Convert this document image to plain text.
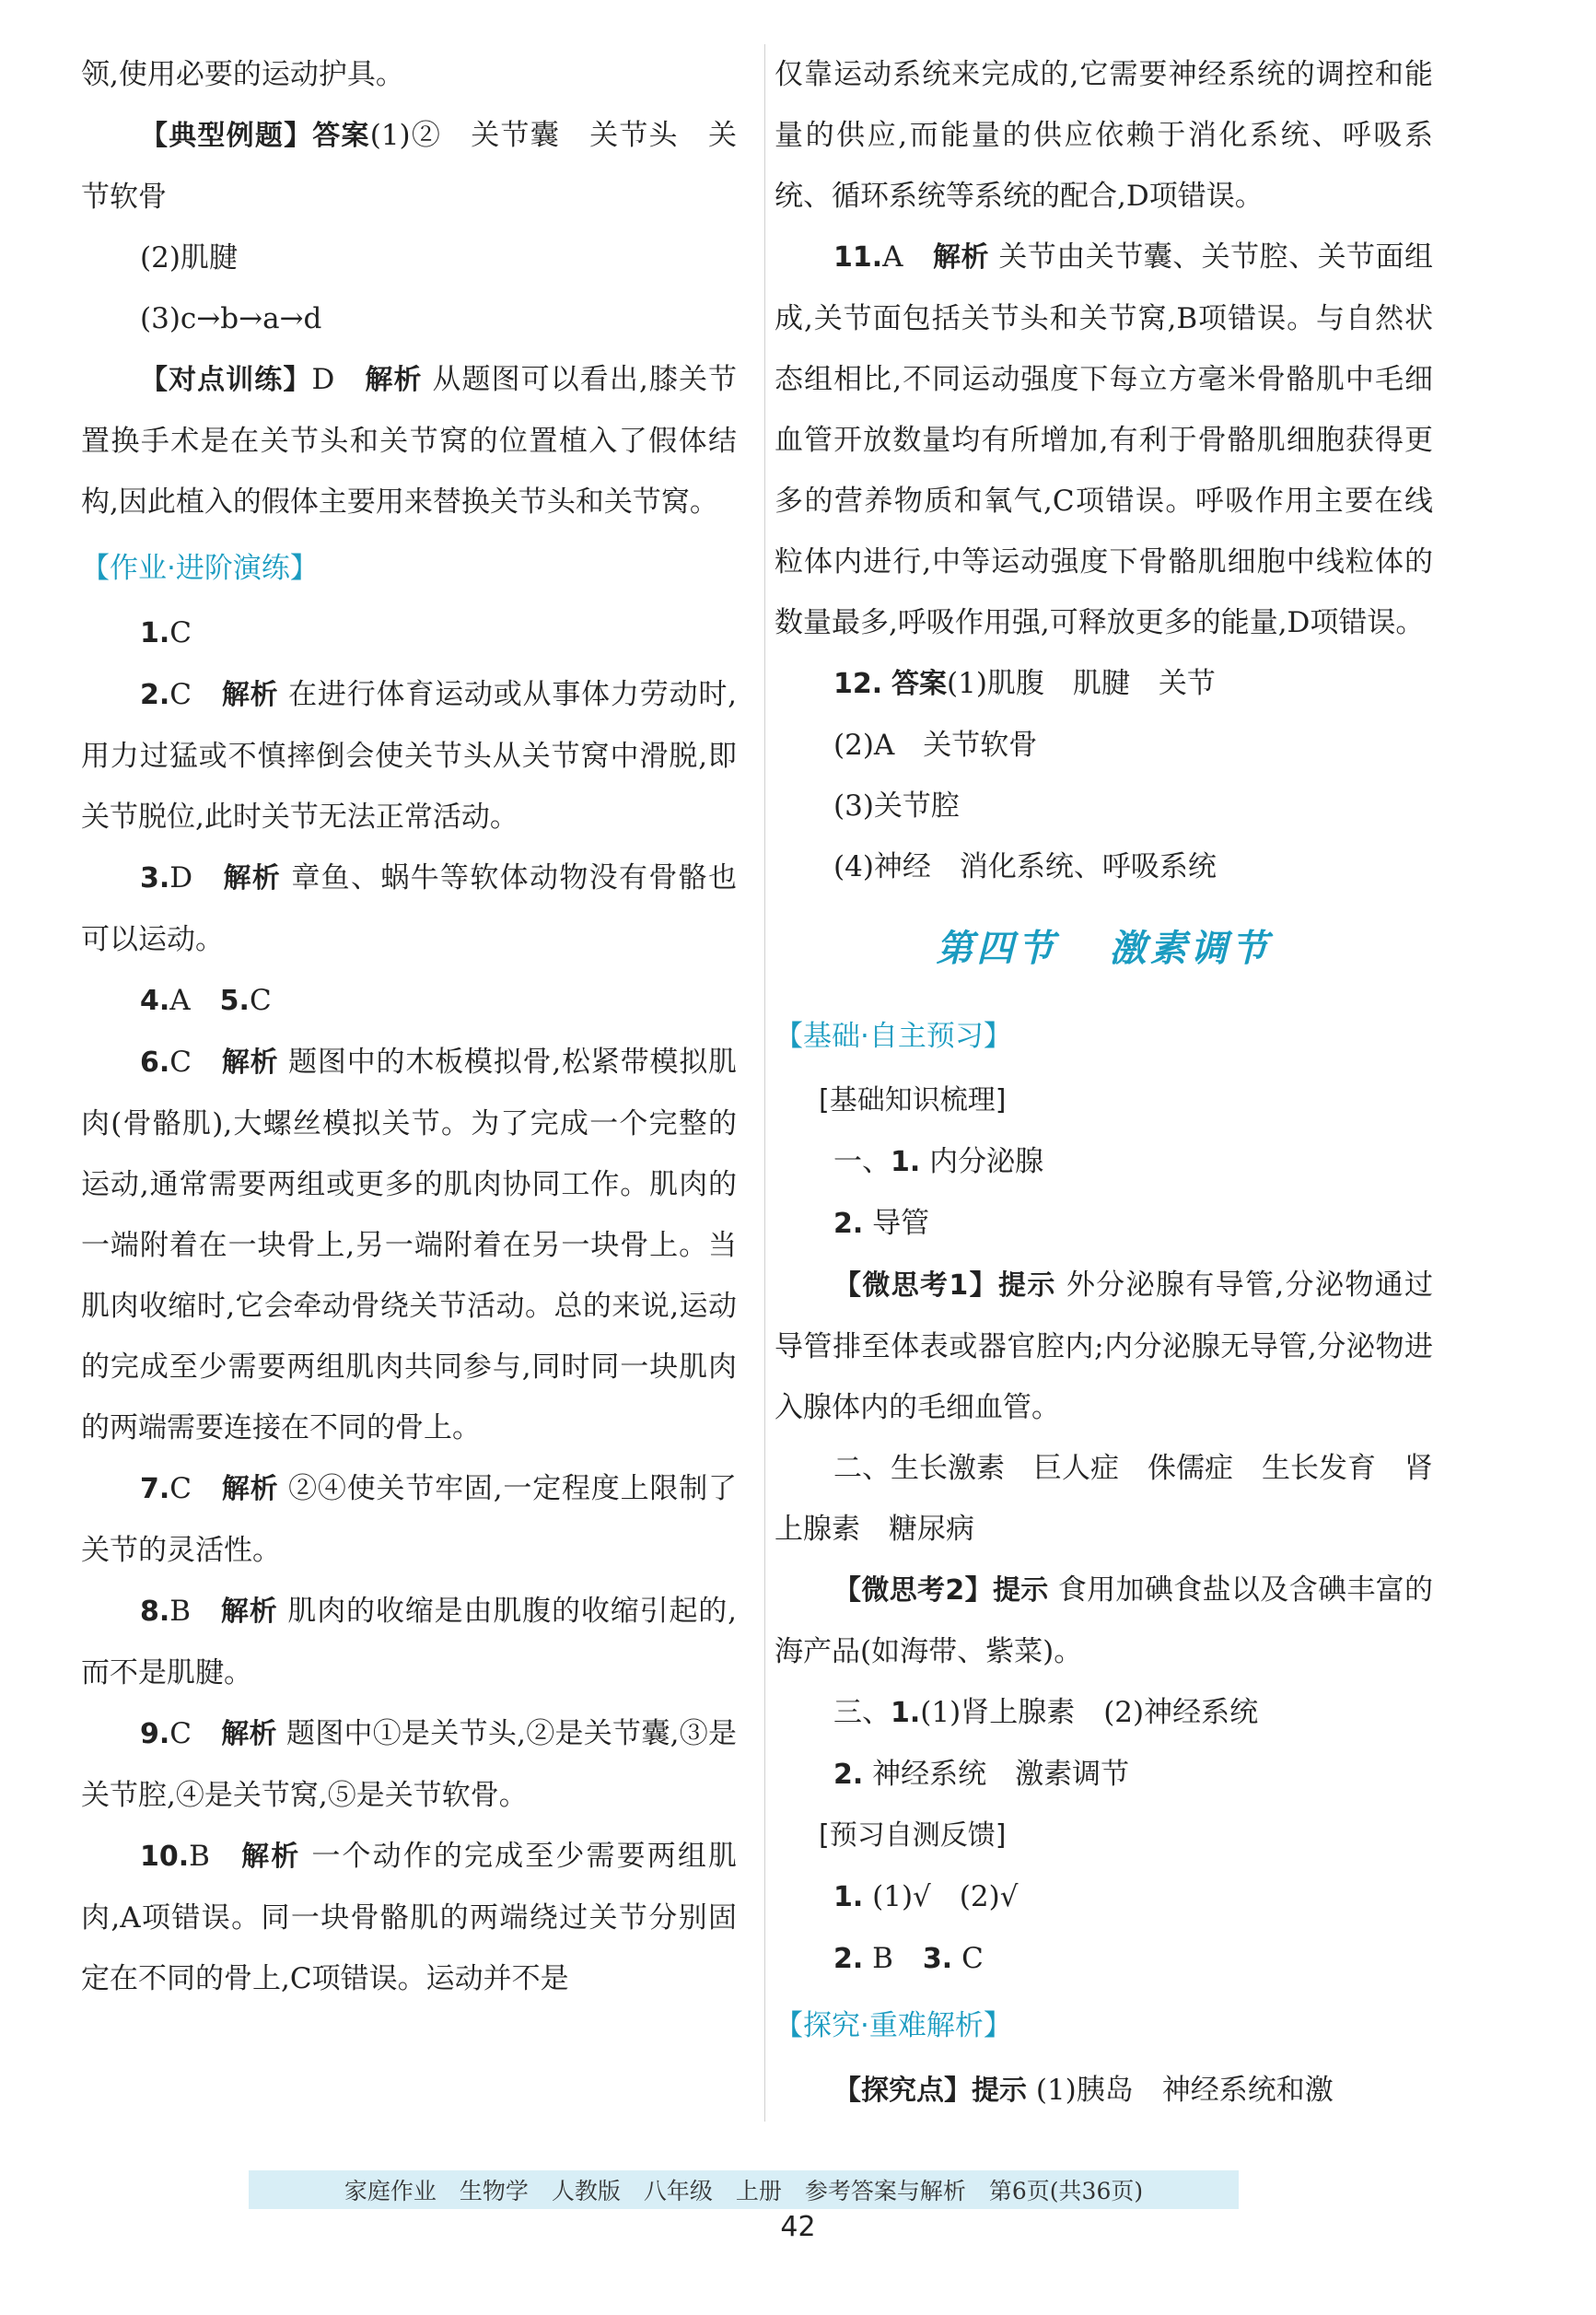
领,使用必要的运动护具。

【典型例题】答案(1)②　关节囊　关节头　关节软骨

(2)肌腱

(3)c→b→a→d

【对点训练】D 解析 从题图可以看出,膝关节置换手术是在关节头和关节窝的位置植入了假体结构,因此植入的假体主要用来替换关节头和关节窝。

【作业·进阶演练】

1.C

2.C 解析 在进行体育运动或从事体力劳动时,用力过猛或不慎摔倒会使关节头从关节窝中滑脱,即关节脱位,此时关节无法正常活动。

3.D 解析 章鱼、蜗牛等软体动物没有骨骼也可以运动。

4.A 5.C

6.C 解析 题图中的木板模拟骨,松紧带模拟肌肉(骨骼肌),大螺丝模拟关节。为了完成一个完整的运动,通常需要两组或更多的肌肉协同工作。肌肉的一端附着在一块骨上,另一端附着在另一块骨上。当肌肉收缩时,它会牵动骨绕关节活动。总的来说,运动的完成至少需要两组肌肉共同参与,同时同一块肌肉的两端需要连接在不同的骨上。

7.C 解析 ②④使关节牢固,一定程度上限制了关节的灵活性。

8.B 解析 肌肉的收缩是由肌腹的收缩引起的,而不是肌腱。

9.C 解析 题图中①是关节头,②是关节囊,③是关节腔,④是关节窝,⑤是关节软骨。

10.B 解析 一个动作的完成至少需要两组肌肉,A项错误。同一块骨骼肌的两端绕过关节分别固定在不同的骨上,C项错误。运动并不是

仅靠运动系统来完成的,它需要神经系统的调控和能量的供应,而能量的供应依赖于消化系统、呼吸系统、循环系统等系统的配合,D项错误。

11.A 解析 关节由关节囊、关节腔、关节面组成,关节面包括关节头和关节窝,B项错误。与自然状态组相比,不同运动强度下每立方毫米骨骼肌中毛细血管开放数量均有所增加,有利于骨骼肌细胞获得更多的营养物质和氧气,C项错误。呼吸作用主要在线粒体内进行,中等运动强度下骨骼肌细胞中线粒体的数量最多,呼吸作用强,可释放更多的能量,D项错误。

12. 答案(1)肌腹　肌腱　关节

(2)A　关节软骨

(3)关节腔

(4)神经　消化系统、呼吸系统

第四节 激素调节
【基础·自主预习】

[基础知识梳理]

一、1. 内分泌腺

2. 导管

【微思考1】提示 外分泌腺有导管,分泌物通过导管排至体表或器官腔内;内分泌腺无导管,分泌物进入腺体内的毛细血管。

二、生长激素　巨人症　侏儒症　生长发育　肾上腺素　糖尿病

【微思考2】提示 食用加碘食盐以及含碘丰富的海产品(如海带、紫菜)。

三、1.(1)肾上腺素　(2)神经系统

2. 神经系统　激素调节

[预习自测反馈]

1. (1)√　(2)√

2. B 3. C

【探究·重难解析】

【探究点】提示 (1)胰岛　神经系统和激

家庭作业　生物学　人教版　八年级　上册　参考答案与解析　第6页(共36页)
42
